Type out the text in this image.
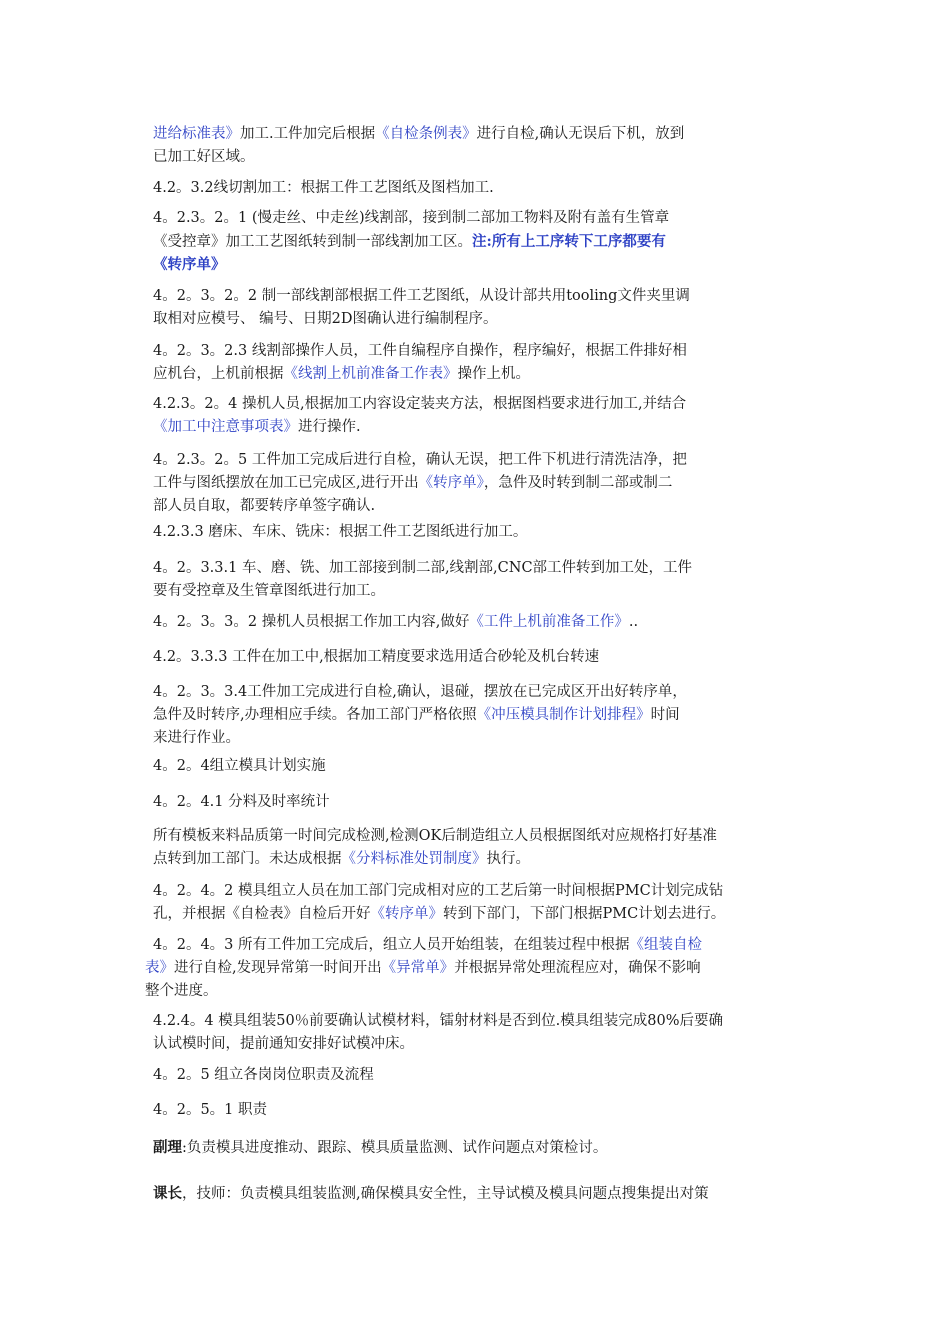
进给标准表》加工.工件加完后根据《自检条例表》进行自检,确认无误后下机，放到
已加工好区域。
4.2。3.2线切割加工：根据工件工艺图纸及图档加工.
4。2.3。2。1 (慢走丝、中走丝)线割部，接到制二部加工物料及附有盖有生管章
《受控章》加工工艺图纸转到制一部线割加工区。注:所有上工序转下工序都要有
《转序单》
4。2。3。2。2 制一部线割部根据工件工艺图纸，从设计部共用tooling文件夹里调
取相对应模号、 编号、日期2D图确认进行编制程序。
4。2。3。2.3 线割部操作人员，工件自编程序自操作，程序编好，根据工件排好相
应机台，上机前根据《线割上机前准备工作表》操作上机。
4.2.3。2。4 操机人员,根据加工内容设定装夹方法，根据图档要求进行加工,并结合
《加工中注意事项表》进行操作.
4。2.3。2。5 工件加工完成后进行自检，确认无误，把工件下机进行清洗洁净，把
工件与图纸摆放在加工已完成区,进行开出《转序单》，急件及时转到制二部或制二
部人员自取，都要转序单签字确认.
4.2.3.3 磨床、车床、铣床：根据工件工艺图纸进行加工。
4。2。3.3.1 车、磨、铣、加工部接到制二部,线割部,CNC部工件转到加工处，工件
要有受控章及生管章图纸进行加工。
4。2。3。3。2 操机人员根据工作加工内容,做好《工件上机前准备工作》..
4.2。3.3.3 工件在加工中,根据加工精度要求选用适合砂轮及机台转速
4。2。3。3.4工件加工完成进行自检,确认，退碰，摆放在已完成区开出好转序单，
急件及时转序,办理相应手续。各加工部门严格依照《冲压模具制作计划排程》时间
来进行作业。
4。2。4组立模具计划实施
4。2。4.1 分料及时率统计
所有模板来料品质第一时间完成检测,检测OK后制造组立人员根据图纸对应规格打好基准
点转到加工部门。未达成根据《分料标准处罚制度》执行。
4。2。4。2 模具组立人员在加工部门完成相对应的工艺后第一时间根据PMC计划完成钻
孔，并根据《自检表》自检后开好《转序单》转到下部门，下部门根据PMC计划去进行。
4。2。4。3 所有工件加工完成后，组立人员开始组装，在组装过程中根据《组装自检
表》进行自检,发现异常第一时间开出《异常单》并根据异常处理流程应对，确保不影响
整个进度。
4.2.4。4 模具组装50％前要确认试模材料，镭射材料是否到位.模具组装完成80%后要确
认试模时间，提前通知安排好试模冲床。
4。2。5 组立各岗岗位职责及流程
4。2。5。1 职责
副理:负责模具进度推动、跟踪、模具质量监测、试作问题点对策检讨。
课长，技师：负责模具组装监测,确保模具安全性，主导试模及模具问题点搜集提出对策
